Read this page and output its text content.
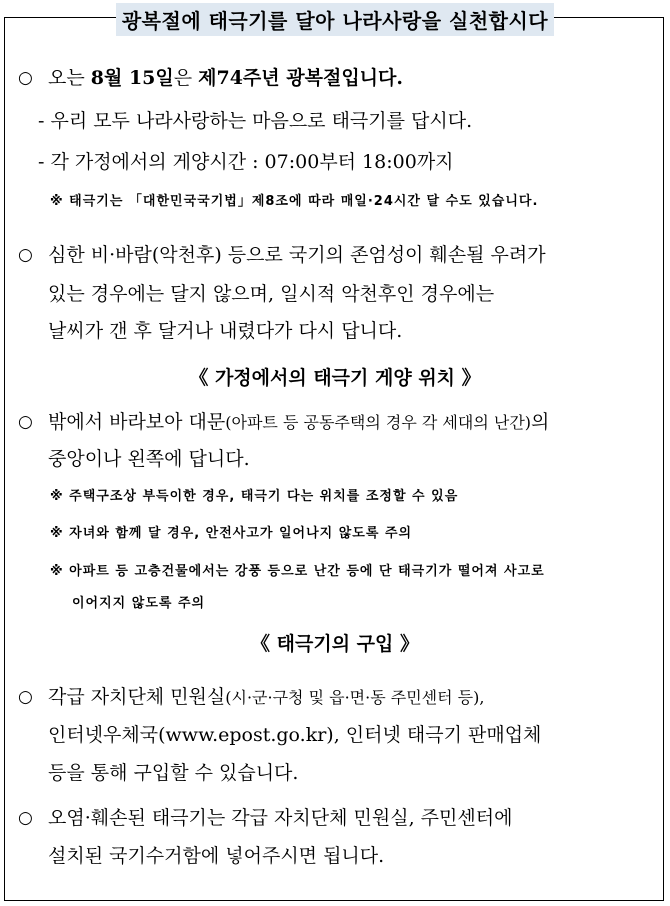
광복절에 태극기를 달아 나라사랑을 실천합시다
○ 오는 8월 15일은 제74주년 광복절입니다.
- 우리 모두 나라사랑하는 마음으로 태극기를 답시다.
- 각 가정에서의 게양시간 : 07:00부터 18:00까지
※ 태극기는 「대한민국국기법」제8조에 따라 매일·24시간 달 수도 있습니다.
○ 심한 비·바람(악천후) 등으로 국기의 존엄성이 훼손될 우려가
있는 경우에는 달지 않으며, 일시적 악천후인 경우에는
날씨가 갠 후 달거나 내렸다가 다시 답니다.
《 가정에서의 태극기 게양 위치 》
○ 밖에서 바라보아 대문(아파트 등 공동주택의 경우 각 세대의 난간)의
중앙이나 왼쪽에 답니다.
※ 주택구조상 부득이한 경우, 태극기 다는 위치를 조정할 수 있음
※ 자녀와 함께 달 경우, 안전사고가 일어나지 않도록 주의
※ 아파트 등 고층건물에서는 강풍 등으로 난간 등에 단 태극기가 떨어져 사고로
이어지지 않도록 주의
《 태극기의 구입 》
○ 각급 자치단체 민원실(시·군·구청 및 읍·면·동 주민센터 등),
인터넷우체국(www.epost.go.kr), 인터넷 태극기 판매업체
등을 통해 구입할 수 있습니다.
○ 오염·훼손된 태극기는 각급 자치단체 민원실, 주민센터에
설치된 국기수거함에 넣어주시면 됩니다.
